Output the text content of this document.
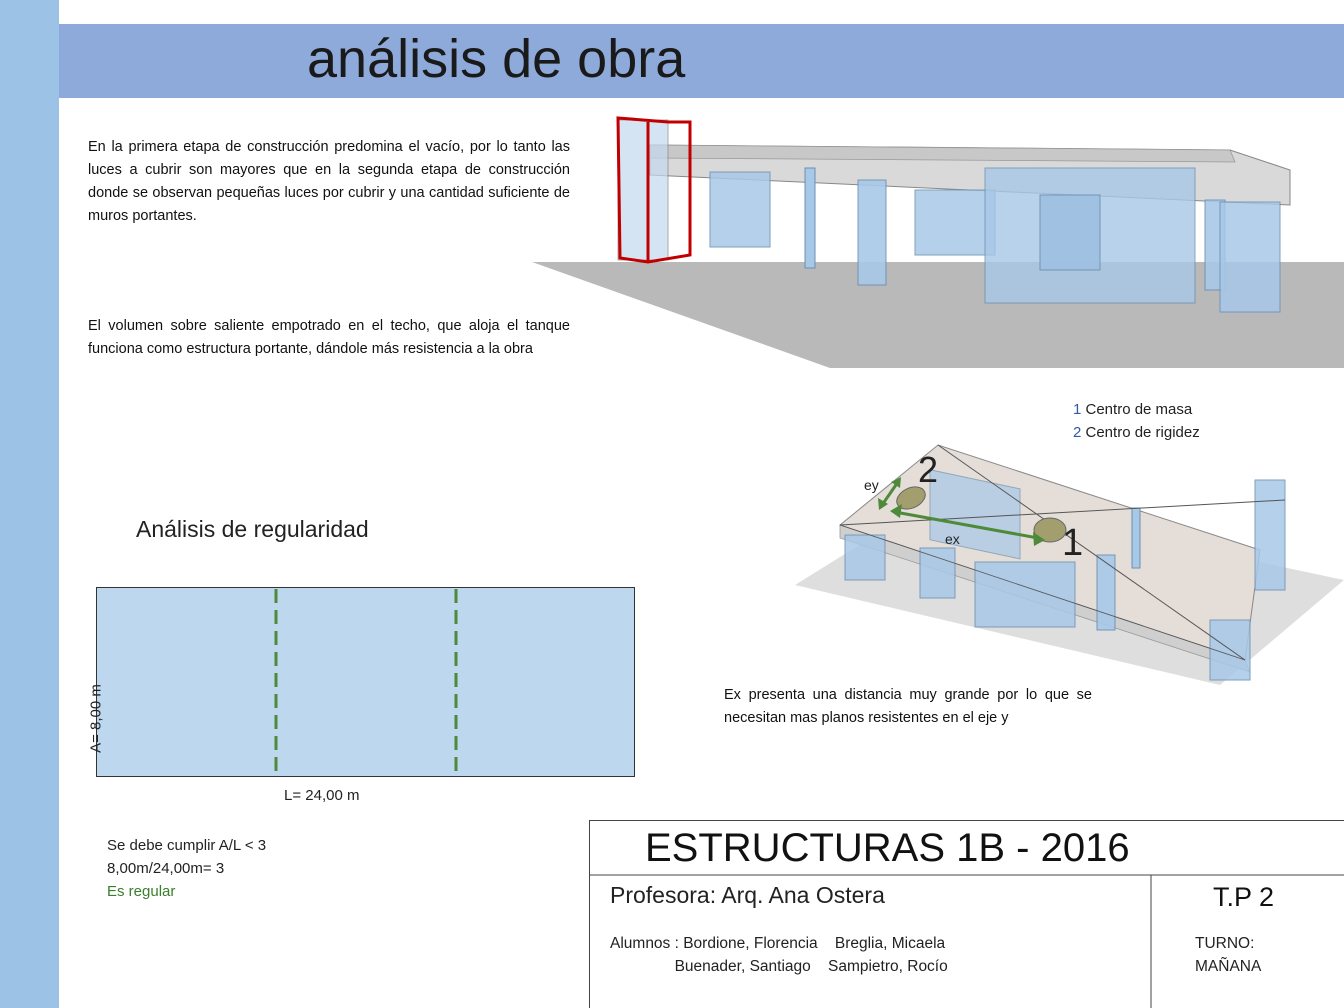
análisis de obra
En la primera etapa de construcción predomina el vacío, por lo tanto las luces a cubrir son mayores que en la segunda etapa de construcción donde se observan pequeñas luces por cubrir y una cantidad suficiente de muros portantes.
El volumen sobre saliente empotrado en el techo, que aloja el tanque funciona como estructura portante, dándole más resistencia a la obra
1 Centro de masa
2 Centro de rigidez
2
1
ex
ey
Ex presenta una distancia muy grande por lo que se necesitan mas planos resistentes en el eje y
Análisis de regularidad
A= 8,00 m
L= 24,00 m
Se debe cumplir A/L < 3
8,00m/24,00m= 3
Es regular
ESTRUCTURAS 1B - 2016
Profesora: Arq. Ana Ostera	T.P 2
Alumnos : Bordione, Florencia    Breglia, Micaela
Buenader, Santiago    Sampietro, Rocío
TURNO:
MAÑANA
